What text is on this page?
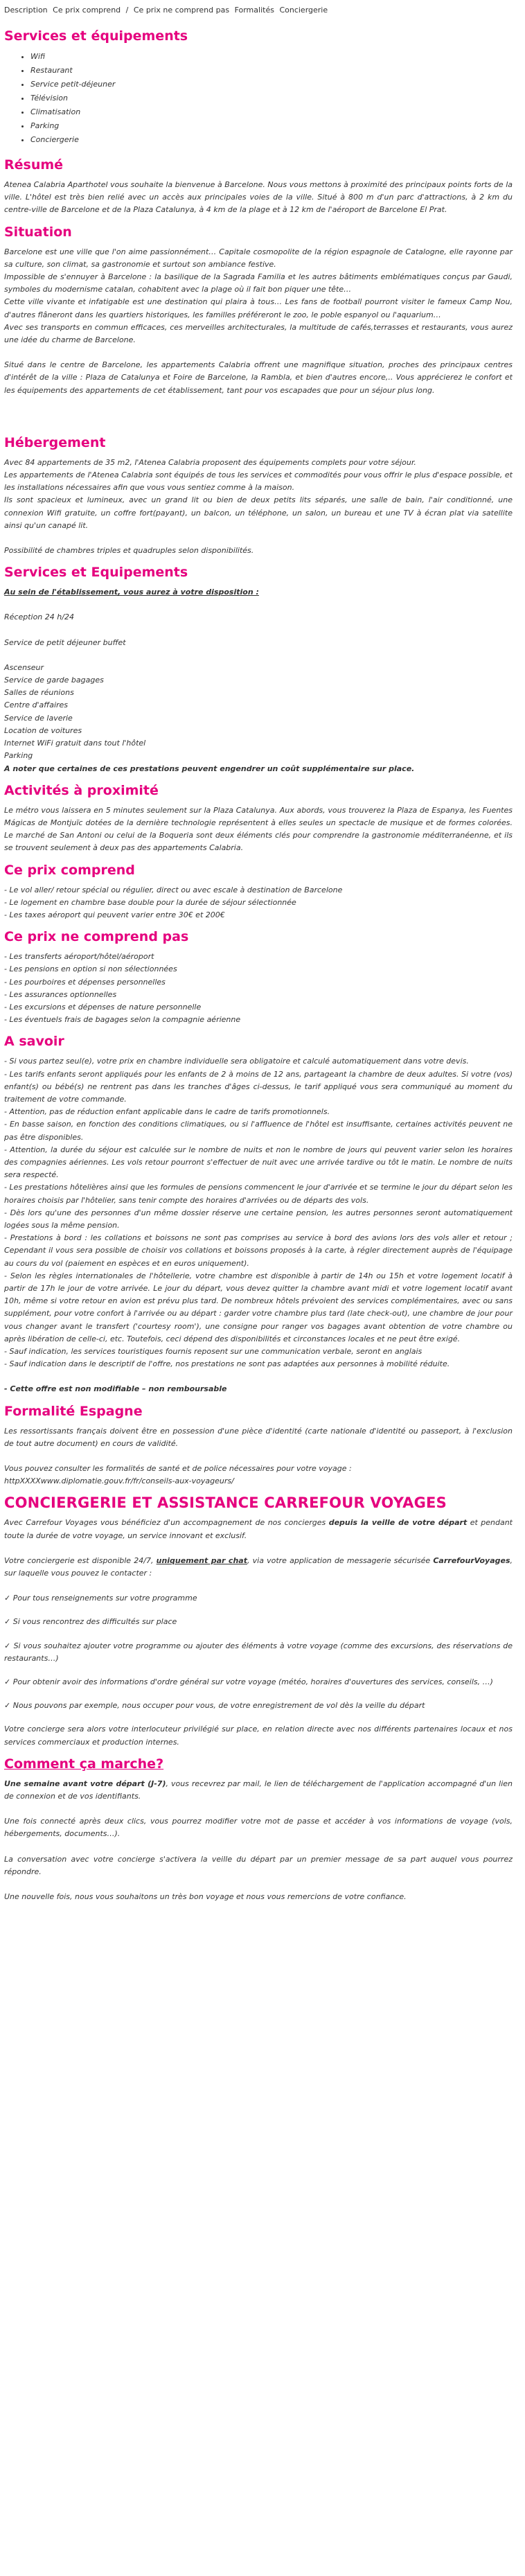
Description Ce prix comprend / Ce prix ne comprend pas Formalités Conciergerie
Services et équipements
• Wifi
• Restaurant
• Service petit-déjeuner
• Télévision
• Climatisation
• Parking
• Conciergerie
Résumé
Atenea Calabria Aparthotel vous souhaite la bienvenue à Barcelone. Nous vous mettons à proximité des principaux points forts de la ville. L'hôtel est très bien relié avec un accès aux principales voies de la ville. Situé à 800 m d'un parc d'attractions, à 2 km du centre-ville de Barcelone et de la Plaza Catalunya, à 4 km de la plage et à 12 km de l'aéroport de Barcelone El Prat.
Situation

Barcelone est une ville que l'on aime passionnément… Capitale cosmopolite de la région espagnole de Catalogne, elle rayonne par sa culture, son climat, sa gastronomie et surtout son ambiance festive.

Impossible de s'ennuyer à Barcelone : la basilique de la Sagrada Familia et les autres bâtiments emblématiques conçus par Gaudi, symboles du modernisme catalan, cohabitent avec la plage où il fait bon piquer une tête…

Cette ville vivante et infatigable est une destination qui plaira à tous… Les fans de football pourront visiter le fameux Camp Nou, d'autres flâneront dans les quartiers historiques, les familles préféreront le zoo, le poble espanyol ou l'aquarium…

Avec ses transports en commun efficaces, ces merveilles architecturales, la multitude de cafés,terrasses et restaurants, vous aurez une idée du charme de Barcelone.

Situé dans le centre de Barcelone, les appartements Calabria offrent une magnifique situation, proches des principaux centres d'intérêt de la ville : Plaza de Catalunya et Foire de Barcelone, la Rambla, et bien d'autres encore,.. Vous apprécierez le confort et les équipements des appartements de cet établissement, tant pour vos escapades que pour un séjour plus long.

Hébergement

Avec 84 appartements de 35 m2, l'Atenea Calabria proposent des équipements complets pour votre séjour.

Les appartements de l'Atenea Calabria sont équipés de tous les services et commodités pour vous offrir le plus d'espace possible, et les installations nécessaires afin que vous vous sentiez comme à la maison.

Ils sont spacieux et lumineux, avec un grand lit ou bien de deux petits lits séparés, une salle de bain, l'air conditionné, une connexion Wifi gratuite, un coffre fort(payant), un balcon, un téléphone, un salon, un bureau et une TV à écran plat via satellite ainsi qu'un canapé lit.

Possibilité de chambres triples et quadruples selon disponibilités.

Services et Equipements

Au sein de l'établissement, vous aurez à votre disposition :

Réception 24 h/24

Service de petit déjeuner buffet

Ascenseur

Service de garde bagages

Salles de réunions

Centre d'affaires

Service de laverie

Location de voitures

Internet WiFi gratuit dans tout l'hôtel

Parking

A noter que certaines de ces prestations peuvent engendrer un coût supplémentaire sur place.

Activités à proximité
Le métro vous laissera en 5 minutes seulement sur la Plaza Catalunya. Aux abords, vous trouverez la Plaza de Espanya, les Fuentes Mágicas de Montjuïc dotées de la dernière technologie représentent à elles seules un spectacle de musique et de formes colorées. Le marché de San Antoni ou celui de la Boqueria sont deux éléments clés pour comprendre la gastronomie méditerranéenne, et ils se trouvent seulement à deux pas des appartements Calabria.
Ce prix comprend

- Le vol aller/ retour spécial ou régulier, direct ou avec escale à destination de Barcelone

- Le logement en chambre base double pour la durée de séjour sélectionnée

- Les taxes aéroport qui peuvent varier entre 30€ et 200€

Ce prix ne comprend pas

- Les transferts aéroport/hôtel/aéroport

- Les pensions en option si non sélectionnées

- Les pourboires et dépenses personnelles

- Les assurances optionnelles

- Les excursions et dépenses de nature personnelle

- Les éventuels frais de bagages selon la compagnie aérienne

A savoir

- Si vous partez seul(e), votre prix en chambre individuelle sera obligatoire et calculé automatiquement dans votre devis.

- Les tarifs enfants seront appliqués pour les enfants de 2 à moins de 12 ans, partageant la chambre de deux adultes. Si votre (vos) enfant(s) ou bébé(s) ne rentrent pas dans les tranches d'âges ci-dessus, le tarif appliqué vous sera communiqué au moment du traitement de votre commande.

- Attention, pas de réduction enfant applicable dans le cadre de tarifs promotionnels.

- En basse saison, en fonction des conditions climatiques, ou si l'affluence de l'hôtel est insuffisante, certaines activités peuvent ne pas être disponibles.

- Attention, la durée du séjour est calculée sur le nombre de nuits et non le nombre de jours qui peuvent varier selon les horaires des compagnies aériennes. Les vols retour pourront s'effectuer de nuit avec une arrivée tardive ou tôt le matin. Le nombre de nuits sera respecté.

- Les prestations hôtelières ainsi que les formules de pensions commencent le jour d'arrivée et se termine le jour du départ selon les horaires choisis par l'hôtelier, sans tenir compte des horaires d'arrivées ou de départs des vols.

- Dès lors qu'une des personnes d'un même dossier réserve une certaine pension, les autres personnes seront automatiquement logées sous la même pension.

- Prestations à bord : les collations et boissons ne sont pas comprises au service à bord des avions lors des vols aller et retour ; Cependant il vous sera possible de choisir vos collations et boissons proposés à la carte, à régler directement auprès de l'équipage au cours du vol (paiement en espèces et en euros uniquement).

- Selon les règles internationales de l'hôtellerie, votre chambre est disponible à partir de 14h ou 15h et votre logement locatif à partir de 17h le jour de votre arrivée. Le jour du départ, vous devez quitter la chambre avant midi et votre logement locatif avant 10h, même si votre retour en avion est prévu plus tard. De nombreux hôtels prévoient des services complémentaires, avec ou sans supplément, pour votre confort à l'arrivée ou au départ : garder votre chambre plus tard (late check-out), une chambre de jour pour vous changer avant le transfert ('courtesy room'), une consigne pour ranger vos bagages avant obtention de votre chambre ou après libération de celle-ci, etc. Toutefois, ceci dépend des disponibilités et circonstances locales et ne peut être exigé.

- Sauf indication, les services touristiques fournis reposent sur une communication verbale, seront en anglais

- Sauf indication dans le descriptif de l'offre, nos prestations ne sont pas adaptées aux personnes à mobilité réduite.

- Cette offre est non modifiable – non remboursable

Formalité Espagne

Les ressortissants français doivent être en possession d'une pièce d'identité (carte nationale d'identité ou passeport, à l'exclusion de tout autre document) en cours de validité.

Vous pouvez consulter les formalités de santé et de police nécessaires pour votre voyage :

httpXXXXwww.diplomatie.gouv.fr/fr/conseils-aux-voyageurs/

CONCIERGERIE ET ASSISTANCE CARREFOUR VOYAGES

Avec Carrefour Voyages vous bénéficiez d'un accompagnement de nos concierges depuis la veille de votre départ et pendant toute la durée de votre voyage, un service innovant et exclusif.

Votre conciergerie est disponible 24/7, uniquement par chat, via votre application de messagerie sécurisée CarrefourVoyages, sur laquelle vous pouvez le contacter :

✓ Pour tous renseignements sur votre programme

✓ Si vous rencontrez des difficultés sur place

✓ Si vous souhaitez ajouter votre programme ou ajouter des éléments à votre voyage (comme des excursions, des réservations de restaurants…)

✓ Pour obtenir avoir des informations d'ordre général sur votre voyage (météo, horaires d'ouvertures des services, conseils, …)

✓ Nous pouvons par exemple, nous occuper pour vous, de votre enregistrement de vol dès la veille du départ

Votre concierge sera alors votre interlocuteur privilégié sur place, en relation directe avec nos différents partenaires locaux et nos services commerciaux et production internes.

Comment ça marche?

Une semaine avant votre départ (J-7), vous recevrez par mail, le lien de téléchargement de l'application accompagné d'un lien de connexion et de vos identifiants.

Une fois connecté après deux clics, vous pourrez modifier votre mot de passe et accéder à vos informations de voyage (vols, hébergements, documents…).

La conversation avec votre concierge s'activera la veille du départ par un premier message de sa part auquel vous pourrez répondre.

Une nouvelle fois, nous vous souhaitons un très bon voyage et nous vous remercions de votre confiance.
